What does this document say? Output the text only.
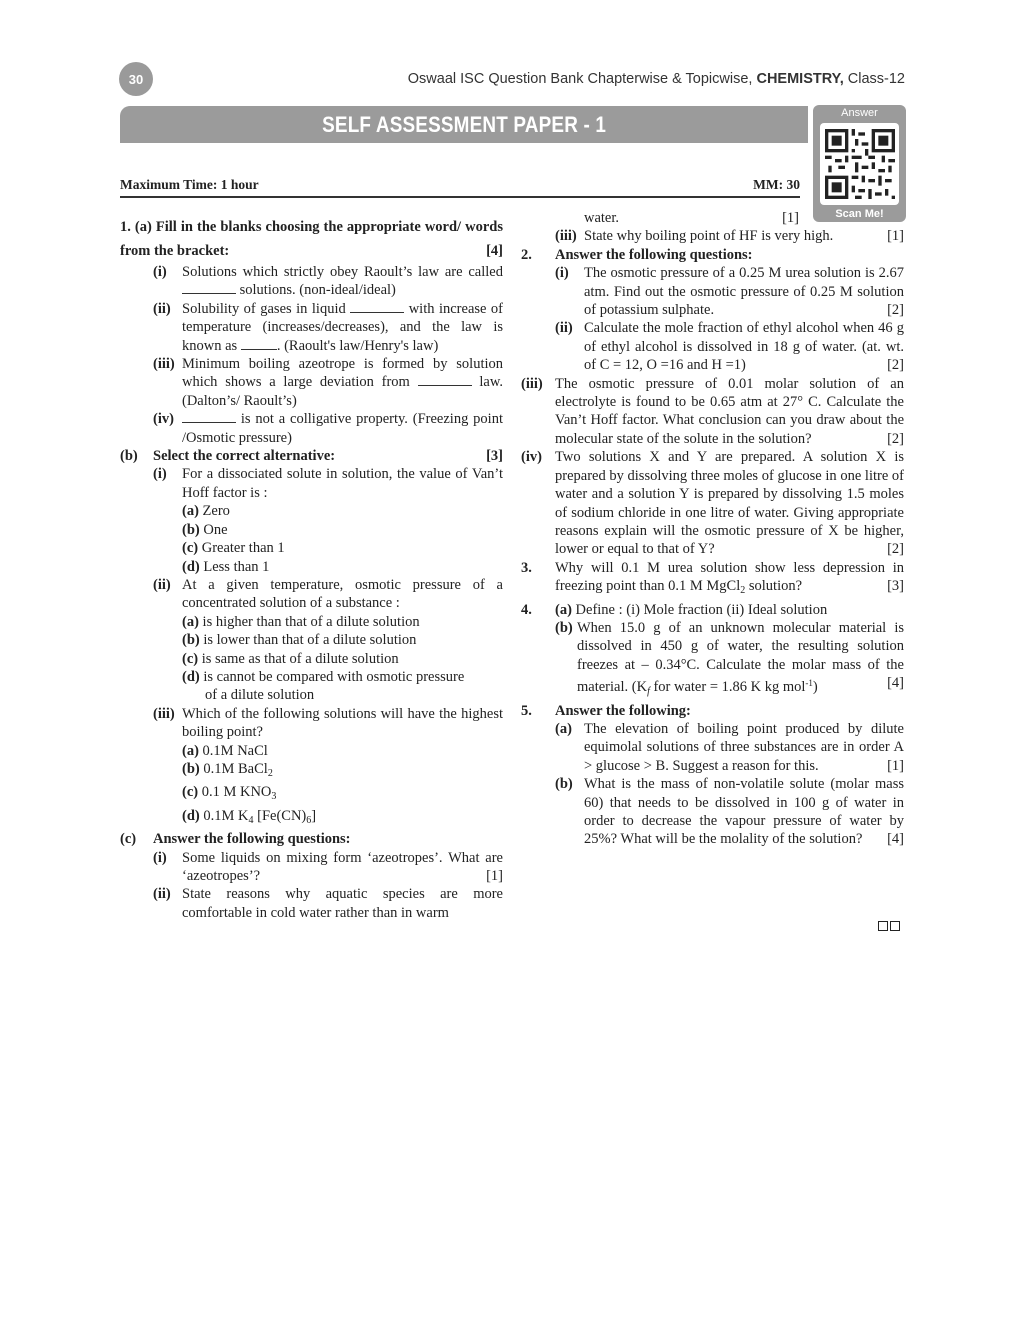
30	Oswaal ISC Question Bank Chapterwise & Topicwise, CHEMISTRY, Class-12
SELF ASSESSMENT PAPER - 1	Answer
Scan Me!
Maximum Time: 1 hour	MM: 30
1. (a) Fill in the blanks choosing the appropriate word/ words from the bracket:	[4]
(i)	Solutions which strictly obey Raoult’s law are called  solutions. (non-ideal/ideal)
(ii) Solubility of gases in liquid	with increase of temperature (increases/decreases), and the law is known as	. (Raoult's law/Henry's law)
(iii) Minimum boiling azeotrope is formed by solution which shows a large deviation from	law. (Dalton’s/ Raoult’s)
(iv)	is not a colligative property. (Freezing point /Osmotic pressure)
(b)	Select the correct alternative:	[3]
(i)	For a dissociated solute in solution, the value of Van’t Hoff factor is :
(a) Zero
(b) One
(c) Greater than 1
(d) Less than 1
(ii) At a given temperature, osmotic pressure of a concentrated solution of a substance :
(a) is higher than that of a dilute solution
(b) is lower than that of a dilute solution
(c) is same as that of a dilute solution
(d) is cannot be compared with osmotic pressure
of a dilute solution
(iii) Which of the following solutions will have the highest boiling point?
(a) 0.1M NaCl
(b) 0.1M BaCl$_2$
(c) 0.1 M $KNO_3$
(d) 0.1M $K_4$ $[Fe(CN)_6]$
(c)	Answer the following questions:
(i)	Some liquids on mixing form ‘azeotropes’. What are ‘azeotropes’?	[1]
(ii) State reasons why aquatic species are more comfortable in cold water rather than in warm
water.	[1]
(iii) State why boiling point of HF is very high.	[1]
2.	Answer the following questions:
(i)	The osmotic pressure of a 0.25 M urea solution is 2.67 atm. Find out the osmotic pressure of 0.25 M solution of potassium sulphate.	[2]
(ii) Calculate the mole fraction of ethyl alcohol when 46 g of ethyl alcohol is dissolved in 18 g of water. (at. wt. of C = 12, O =16 and H =1)	[2]
(iii) The osmotic pressure of 0.01 molar solution of an electrolyte is found to be 0.65 atm at 27° C. Calculate the Van’t Hoff factor. What conclusion can you draw about the molecular state of the solute in the solution?	[2]
(iv) Two solutions X and Y are prepared. A solution X is prepared by dissolving three moles of glucose in one litre of water and a solution Y is prepared by dissolving 1.5 moles of sodium chloride in one litre of water. Giving appropriate reasons explain will the osmotic pressure of X be higher, lower or equal to that of Y?	[2]
3.	Why will 0.1 M urea solution show less depression in freezing point than 0.1 M MgCl$_2$ solution?	[3]
4.	(a) Define : (i) Mole fraction (ii) Ideal solution
(b) When 15.0 g of an unknown molecular material is dissolved in 450 g of water, the resulting solution freezes at – 0.34°C. Calculate the molar mass of the material. ($K_f$ for water = 1.86 K kg mol$^{-1}$)	[4]
5.	Answer the following:
(a) The elevation of boiling point produced by dilute equimolal solutions of three substances are in order A > glucose > B. Suggest a reason for this.	[1]
(b) What is the mass of non-volatile solute (molar mass 60) that needs to be dissolved in 100 g of water in order to decrease the vapour pressure of water by 25%? What will be the molality of the solution?	[4]
